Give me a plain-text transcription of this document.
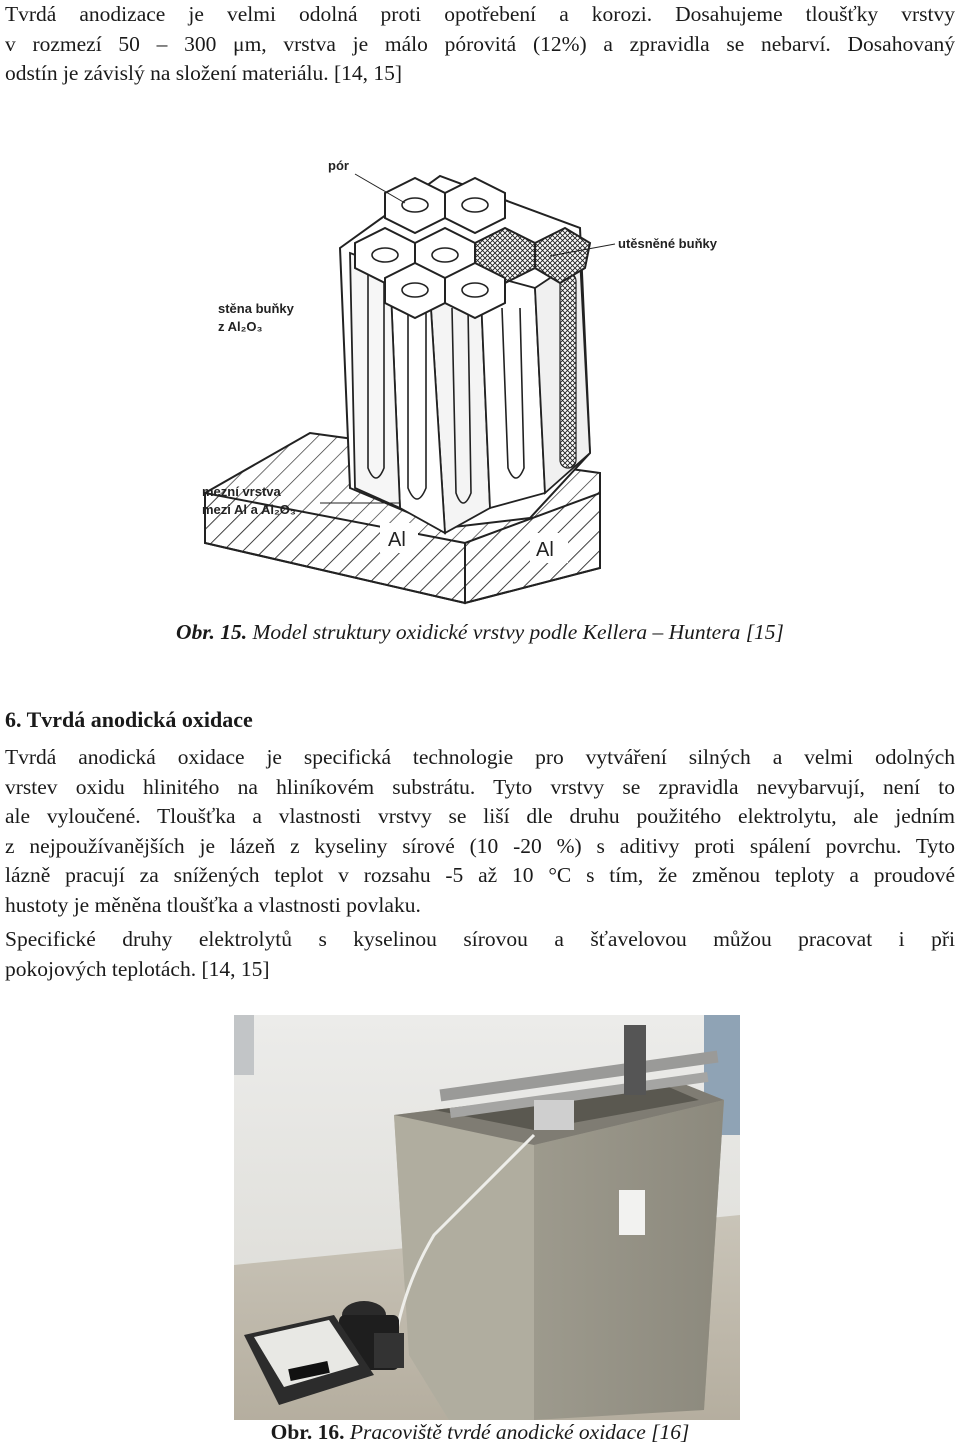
Tvrdá anodizace je velmi odolná proti opotřebení a korozi. Dosahujeme tloušťky vrstvy
v rozmezí 50 – 300 μm, vrstva je málo pórovitá (12%) a zpravidla se nebarví. Dosahovaný
odstín je závislý na složení materiálu. [14, 15]
pór
utěsněné buňky
stěna buňky
z Al₂O₃
mezní vrstva
mezi Al a Al₂O₃
Al	Al
Obr. 15. Model struktury oxidické vrstvy podle Kellera – Huntera [15]
6. Tvrdá anodická oxidace
Tvrdá anodická oxidace je specifická technologie pro vytváření silných a velmi odolných
vrstev oxidu hlinitého na hliníkovém substrátu. Tyto vrstvy se zpravidla nevybarvují, není to
ale vyloučené. Tloušťka a vlastnosti vrstvy se liší dle druhu použitého elektrolytu, ale jedním
z nejpoužívanějších je lázeň z kyseliny sírové (10 -20 %) s aditivy proti spálení povrchu. Tyto
lázně pracují za snížených teplot v rozsahu -5 až 10 °C s tím, že změnou teploty a proudové
hustoty je měněna tloušťka a vlastnosti povlaku.
Specifické druhy elektrolytů s kyselinou sírovou a šťavelovou můžou pracovat i při
pokojových teplotách. [14, 15]
Obr. 16. Pracoviště tvrdé anodické oxidace [16]
